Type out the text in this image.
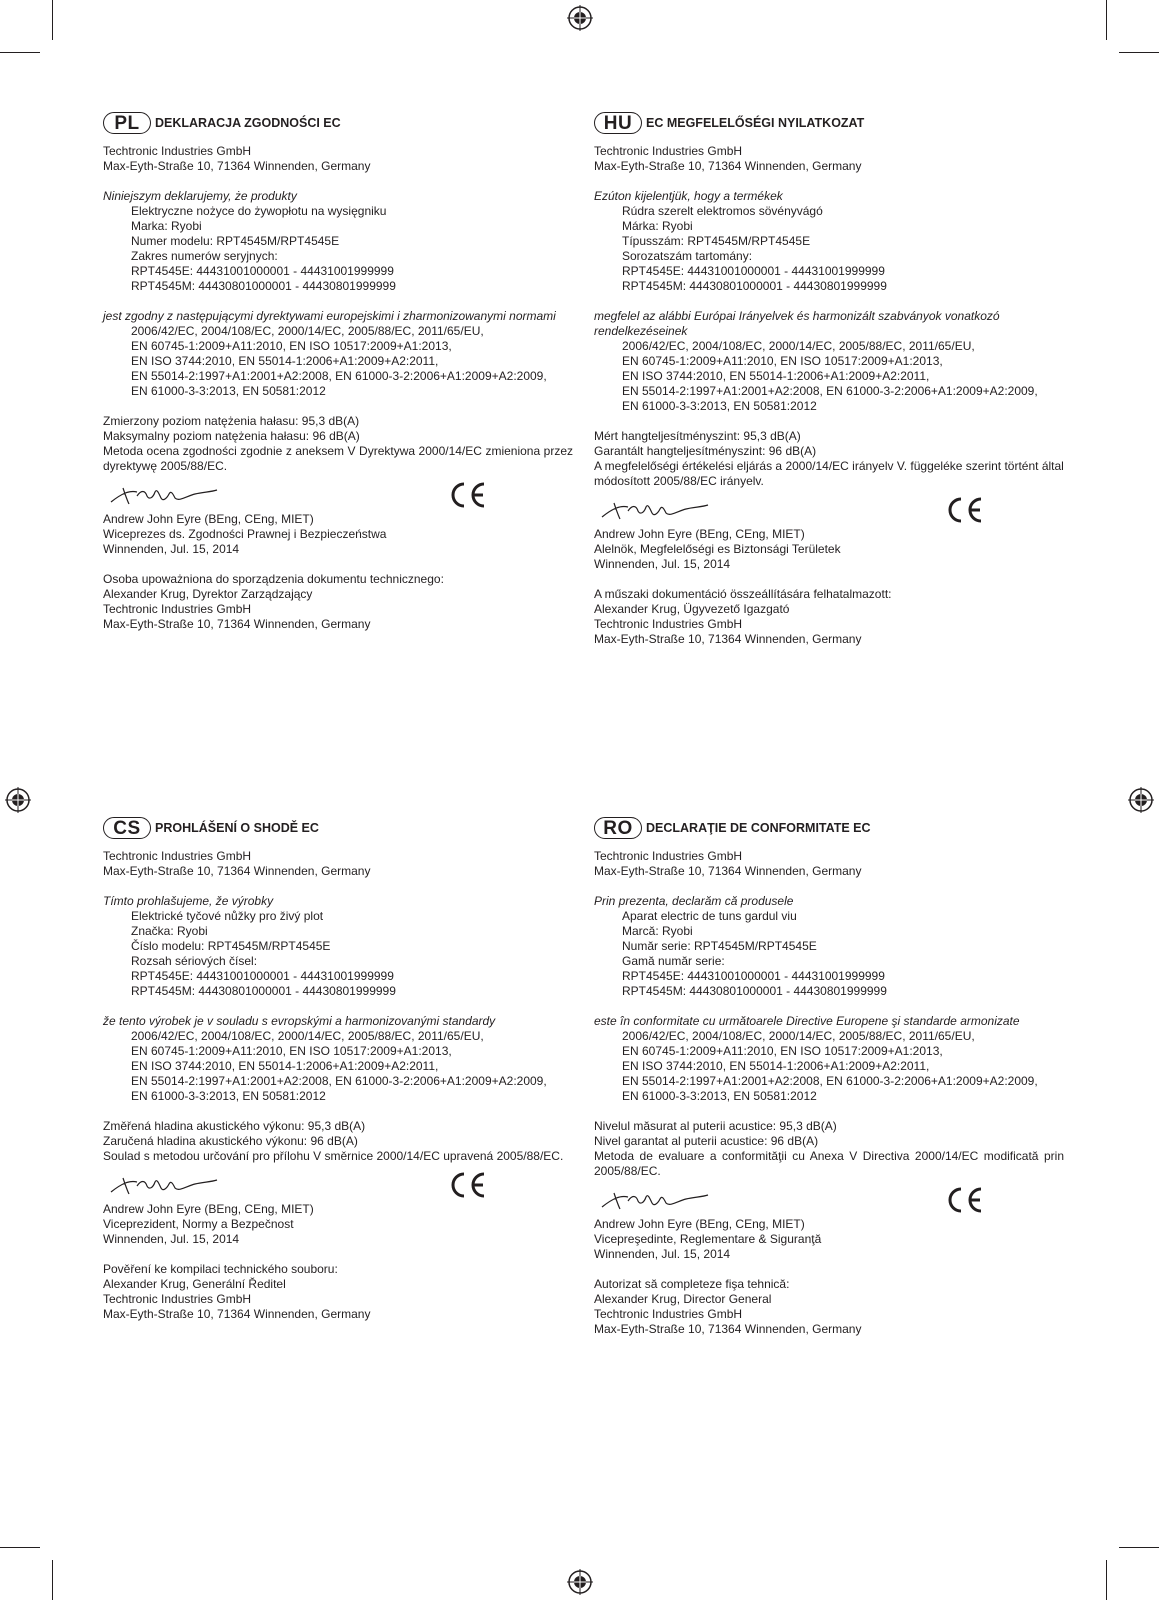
PL	DEKLARACJA ZGODNOŚCI EC
Techtronic Industries GmbH
Max-Eyth-Straße 10, 71364 Winnenden, Germany
Niniejszym deklarujemy, że produkty
Elektryczne nożyce do żywopłotu na wysięgniku
Marka: Ryobi
Numer modelu: RPT4545M/RPT4545E
Zakres numerów seryjnych:
RPT4545E: 44431001000001 - 44431001999999
RPT4545M: 44430801000001 - 44430801999999
jest zgodny z następującymi dyrektywami europejskimi i zharmonizowanymi normami
2006/42/EC, 2004/108/EC, 2000/14/EC, 2005/88/EC, 2011/65/EU,
EN 60745-1:2009+A11:2010, EN ISO 10517:2009+A1:2013,
EN ISO 3744:2010, EN 55014-1:2006+A1:2009+A2:2011,
EN 55014-2:1997+A1:2001+A2:2008, EN 61000-3-2:2006+A1:2009+A2:2009,
EN 61000-3-3:2013, EN 50581:2012
Zmierzony poziom natężenia hałasu: 95,3 dB(A)
Maksymalny poziom natężenia hałasu: 96 dB(A)
Metoda ocena zgodności zgodnie z aneksem V Dyrektywa 2000/14/EC zmieniona przez dyrektywę 2005/88/EC.
Andrew John Eyre (BEng, CEng, MIET)
Wiceprezes ds. Zgodności Prawnej i Bezpieczeństwa
Winnenden, Jul. 15, 2014
Osoba upoważniona do sporządzenia dokumentu technicznego:
Alexander Krug, Dyrektor Zarządzający
Techtronic Industries GmbH
Max-Eyth-Straße 10, 71364 Winnenden, Germany
HU	EC MEGFELELŐSÉGI NYILATKOZAT
Techtronic Industries GmbH
Max-Eyth-Straße 10, 71364 Winnenden, Germany
Ezúton kijelentjük, hogy a termékek
Rúdra szerelt elektromos sövényvágó
Márka: Ryobi
Típusszám: RPT4545M/RPT4545E
Sorozatszám tartomány:
RPT4545E: 44431001000001 - 44431001999999
RPT4545M: 44430801000001 - 44430801999999
megfelel az alábbi Európai Irányelvek és harmonizált szabványok vonatkozó rendelkezéseinek
2006/42/EC, 2004/108/EC, 2000/14/EC, 2005/88/EC, 2011/65/EU,
EN 60745-1:2009+A11:2010, EN ISO 10517:2009+A1:2013,
EN ISO 3744:2010, EN 55014-1:2006+A1:2009+A2:2011,
EN 55014-2:1997+A1:2001+A2:2008, EN 61000-3-2:2006+A1:2009+A2:2009,
EN 61000-3-3:2013, EN 50581:2012
Mért hangteljesítményszint: 95,3 dB(A)
Garantált hangteljesítményszint: 96 dB(A)
A megfelelőségi értékelési eljárás a 2000/14/EC irányelv V. függeléke szerint történt által módosított 2005/88/EC irányelv.
Andrew John Eyre (BEng, CEng, MIET)
Alelnök, Megfelelőségi es Biztonsági Területek
Winnenden, Jul. 15, 2014
A műszaki dokumentáció összeállítására felhatalmazott:
Alexander Krug, Ügyvezető Igazgató
Techtronic Industries GmbH
Max-Eyth-Straße 10, 71364 Winnenden, Germany
CS	PROHLÁŠENÍ O SHODĚ EC
Techtronic Industries GmbH
Max-Eyth-Straße 10, 71364 Winnenden, Germany
Tímto prohlašujeme, že výrobky
Elektrické tyčové nůžky pro živý plot
Značka: Ryobi
Číslo modelu: RPT4545M/RPT4545E
Rozsah sériových čísel:
RPT4545E: 44431001000001 - 44431001999999
RPT4545M: 44430801000001 - 44430801999999
že tento výrobek je v souladu s evropskými a harmonizovanými standardy
2006/42/EC, 2004/108/EC, 2000/14/EC, 2005/88/EC, 2011/65/EU,
EN 60745-1:2009+A11:2010, EN ISO 10517:2009+A1:2013,
EN ISO 3744:2010, EN 55014-1:2006+A1:2009+A2:2011,
EN 55014-2:1997+A1:2001+A2:2008, EN 61000-3-2:2006+A1:2009+A2:2009,
EN 61000-3-3:2013, EN 50581:2012
Změřená hladina akustického výkonu: 95,3 dB(A)
Zaručená hladina akustického výkonu: 96 dB(A)
Soulad s metodou určování pro přílohu V směrnice 2000/14/EC upravená 2005/88/EC.
Andrew John Eyre (BEng, CEng, MIET)
Viceprezident, Normy a Bezpečnost
Winnenden, Jul. 15, 2014
Pověření ke kompilaci technického souboru:
Alexander Krug, Generální Ředitel
Techtronic Industries GmbH
Max-Eyth-Straße 10, 71364 Winnenden, Germany
RO	DECLARAŢIE DE CONFORMITATE EC
Techtronic Industries GmbH
Max-Eyth-Straße 10, 71364 Winnenden, Germany
Prin prezenta, declarăm că produsele
Aparat electric de tuns gardul viu
Marcă: Ryobi
Număr serie: RPT4545M/RPT4545E
Gamă număr serie:
RPT4545E: 44431001000001 - 44431001999999
RPT4545M: 44430801000001 - 44430801999999
este în conformitate cu următoarele Directive Europene şi standarde armonizate
2006/42/EC, 2004/108/EC, 2000/14/EC, 2005/88/EC, 2011/65/EU,
EN 60745-1:2009+A11:2010, EN ISO 10517:2009+A1:2013,
EN ISO 3744:2010, EN 55014-1:2006+A1:2009+A2:2011,
EN 55014-2:1997+A1:2001+A2:2008, EN 61000-3-2:2006+A1:2009+A2:2009,
EN 61000-3-3:2013, EN 50581:2012
Nivelul măsurat al puterii acustice: 95,3 dB(A)
Nivel garantat al puterii acustice: 96 dB(A)
Metoda de evaluare a conformităţii cu Anexa V Directiva 2000/14/EC modificată prin 2005/88/EC.
Andrew John Eyre (BEng, CEng, MIET)
Vicepreşedinte, Reglementare & Siguranţă
Winnenden, Jul. 15, 2014
Autorizat să completeze fişa tehnică:
Alexander Krug, Director General
Techtronic Industries GmbH
Max-Eyth-Straße 10, 71364 Winnenden, Germany
